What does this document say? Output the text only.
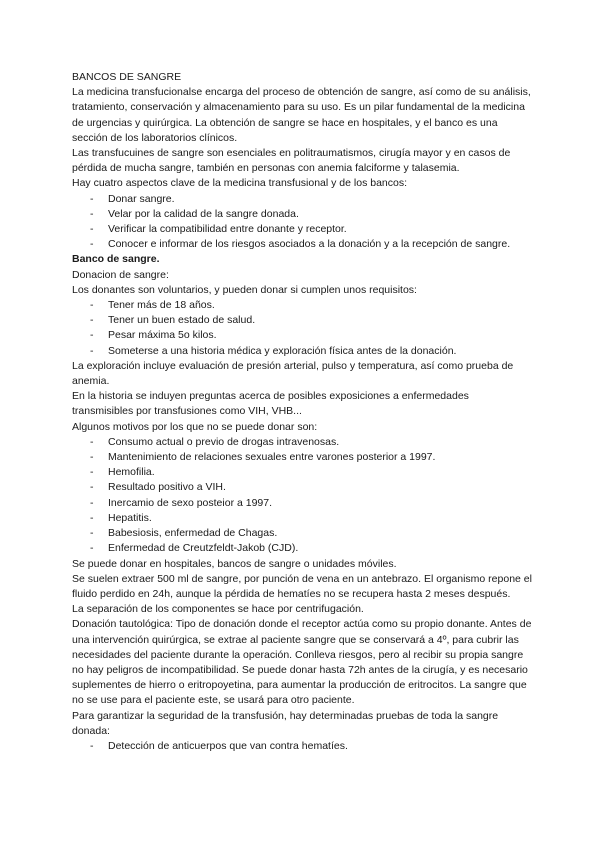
BANCOS DE SANGRE

La medicina transfucionalse encarga del proceso de obtención de sangre, así como de su análisis, tratamiento, conservación y almacenamiento para su uso. Es un pilar fundamental de la medicina de urgencias y quirúrgica. La obtención de sangre se hace en hospitales, y el banco es una sección de los laboratorios clínicos.

Las transfucuines de sangre son esenciales en politraumatismos, cirugía mayor y en casos de pérdida de mucha sangre, también en personas con anemia falciforme y talasemia.

Hay cuatro aspectos clave de la medicina transfusional y de los bancos:

- Donar sangre.
- Velar por la calidad de la sangre donada.
- Verificar la compatibilidad entre donante y receptor.
- Conocer e informar de los riesgos asociados a la donación y a la recepción de sangre.

Banco de sangre.

Donacion de sangre:

Los donantes son voluntarios, y pueden donar si cumplen unos requisitos:

- Tener más de 18 años.
- Tener un buen estado de salud.
- Pesar máxima 5o kilos.
- Someterse a una historia médica y exploración física antes de la donación.

La exploración incluye evaluación de presión arterial, pulso y temperatura, así como prueba de anemia.

En la historia se induyen preguntas acerca de posibles exposiciones a enfermedades transmisibles por transfusiones como VIH, VHB...

Algunos motivos por los que no se puede donar son:

- Consumo actual o previo de drogas intravenosas.
- Mantenimiento de relaciones sexuales entre varones posterior a 1997.
- Hemofilia.
- Resultado positivo a VIH.
- Inercamio de sexo posteior a 1997.
- Hepatitis.
- Babesiosis, enfermedad de Chagas.
- Enfermedad de Creutzfeldt-Jakob (CJD).

Se puede donar en hospitales, bancos de sangre o unidades móviles.

Se suelen extraer 500 ml de sangre, por punción de vena en un antebrazo. El organismo repone el fluido perdido en 24h, aunque la pérdida de hematíes no se recupera hasta 2 meses después.

La separación de los componentes se hace por centrifugación.

Donación tautológica: Tipo de donación donde el receptor actúa como su propio donante. Antes de una intervención quirúrgica, se extrae al paciente sangre que se conservará a 4º, para cubrir las necesidades del paciente durante la operación. Conlleva riesgos, pero al recibir su propia sangre no hay peligros de incompatibilidad. Se puede donar hasta 72h antes de la cirugía, y es necesario suplementes de hierro o eritropoyetina, para aumentar la producción de eritrocitos. La sangre que no se use para el paciente este, se usará para otro paciente.

Para garantizar la seguridad de la transfusión, hay determinadas pruebas de toda la sangre donada:

- Detección de anticuerpos que van contra hematíes.
